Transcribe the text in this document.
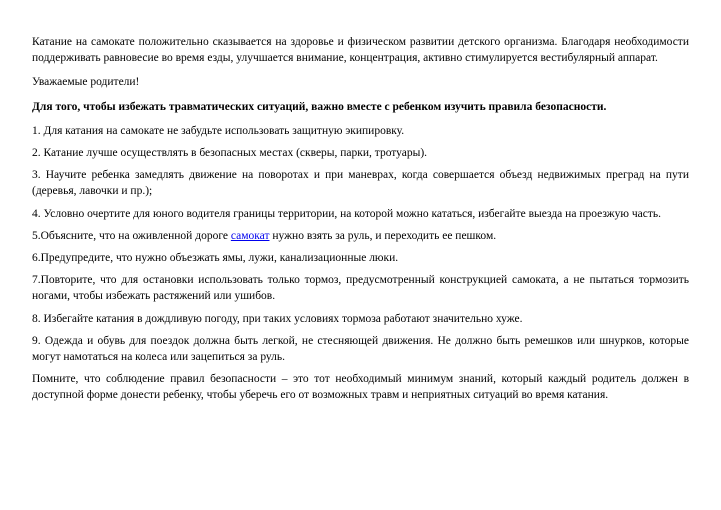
Катание на самокате положительно сказывается на здоровье и физическом развитии детского организма. Благодаря необходимости поддерживать равновесие во время езды, улучшается внимание, концентрация, активно стимулируется вестибулярный аппарат.

Уважаемые родители!

Для того, чтобы избежать травматических ситуаций, важно вместе с ребенком изучить правила безопасности.

1. Для катания на самокате не забудьте использовать защитную экипировку.

2. Катание лучше осуществлять в безопасных местах (скверы, парки, тротуары).

3. Научите ребенка замедлять движение на поворотах и при маневрах, когда совершается объезд недвижимых преград на пути (деревья, лавочки и пр.);

4. Условно очертите для юного водителя границы территории, на которой можно кататься, избегайте выезда на проезжую часть.

5.Объясните, что на оживленной дороге самокат нужно взять за руль, и переходить ее пешком.

6.Предупредите, что нужно объезжать ямы, лужи, канализационные люки.

7.Повторите, что для остановки использовать только тормоз, предусмотренный конструкцией самоката, а не пытаться тормозить ногами, чтобы избежать растяжений или ушибов.

8. Избегайте катания в дождливую погоду, при таких условиях тормоза работают значительно хуже.

9. Одежда и обувь для поездок должна быть легкой, не стесняющей движения. Не должно быть ремешков или шнурков, которые могут намотаться на колеса или зацепиться за руль.

Помните, что соблюдение правил безопасности – это тот необходимый минимум знаний, который каждый родитель должен в доступной форме донести ребенку, чтобы уберечь его от возможных травм и неприятных ситуаций во время катания.
